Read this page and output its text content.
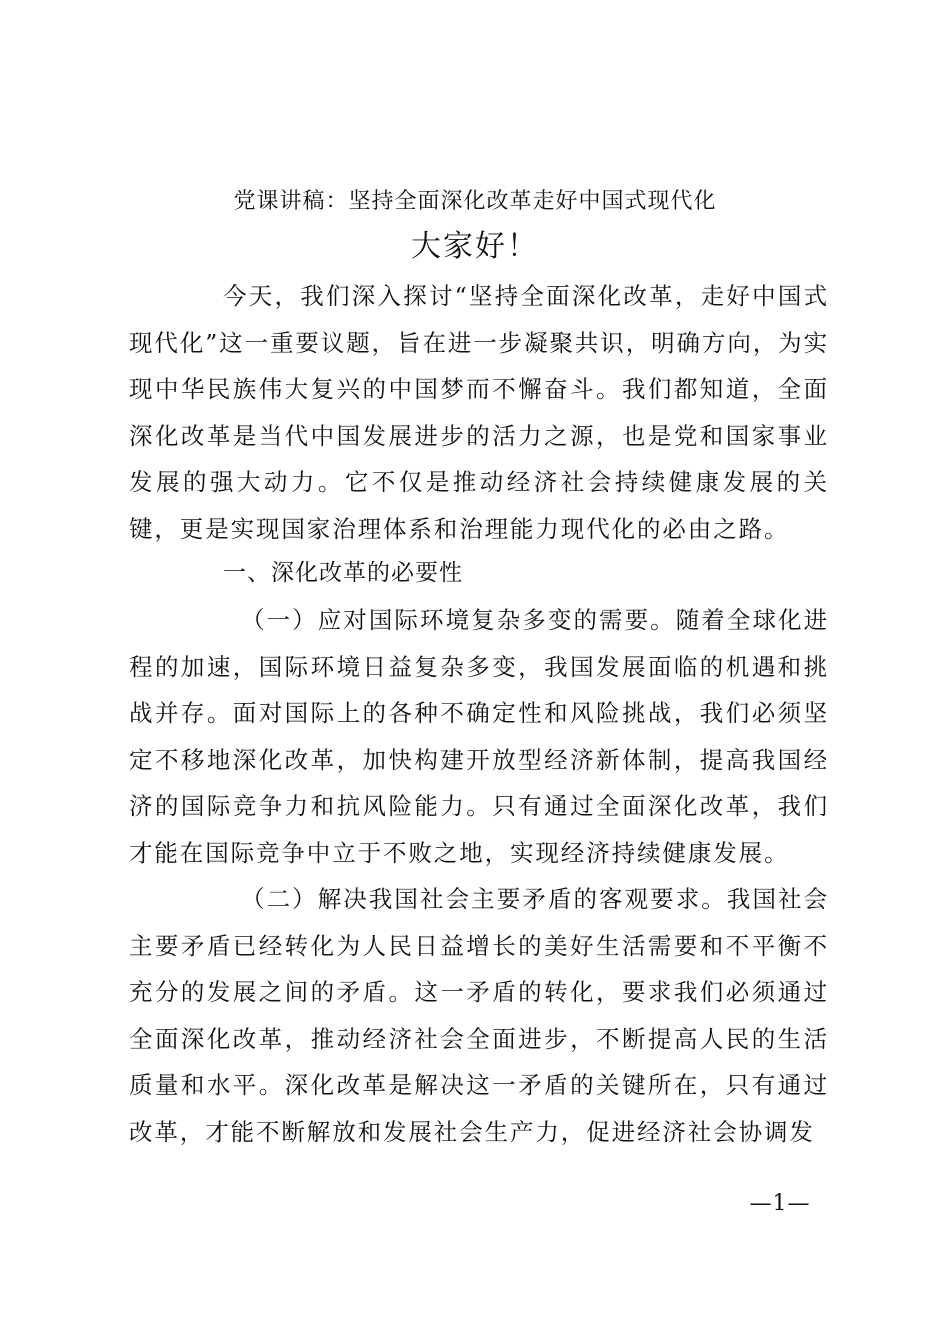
党课讲稿：坚持全面深化改革走好中国式现代化
大家好！
今天，我们深入探讨“坚持全面深化改革，走好中国式现代化”这一重要议题，旨在进一步凝聚共识，明确方向，为实现中华民族伟大复兴的中国梦而不懈奋斗。我们都知道，全面深化改革是当代中国发展进步的活力之源，也是党和国家事业发展的强大动力。它不仅是推动经济社会持续健康发展的关键，更是实现国家治理体系和治理能力现代化的必由之路。
一、深化改革的必要性
（一）应对国际环境复杂多变的需要。随着全球化进程的加速，国际环境日益复杂多变，我国发展面临的机遇和挑战并存。面对国际上的各种不确定性和风险挑战，我们必须坚定不移地深化改革，加快构建开放型经济新体制，提高我国经济的国际竞争力和抗风险能力。只有通过全面深化改革，我们才能在国际竞争中立于不败之地，实现经济持续健康发展。
（二）解决我国社会主要矛盾的客观要求。我国社会主要矛盾已经转化为人民日益增长的美好生活需要和不平衡不充分的发展之间的矛盾。这一矛盾的转化，要求我们必须通过全面深化改革，推动经济社会全面进步，不断提高人民的生活质量和水平。深化改革是解决这一矛盾的关键所在，只有通过改革，才能不断解放和发展社会生产力，促进经济社会协调发
—1—
